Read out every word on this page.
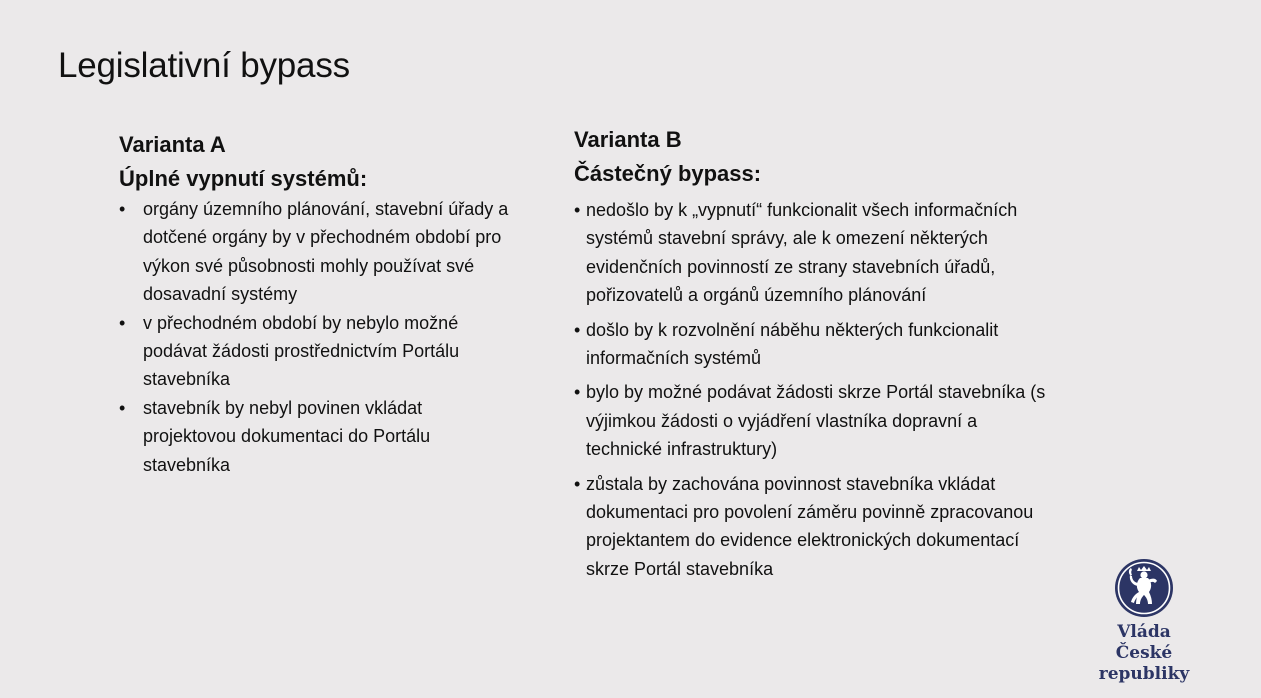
Legislativní bypass
Varianta A
Úplné vypnutí systémů:
• orgány územního plánování, stavební úřady a dotčené orgány by v přechodném období pro výkon své působnosti mohly používat své dosavadní systémy
• v přechodném období by nebylo možné podávat žádosti prostřednictvím Portálu stavebníka
• stavebník by nebyl povinen vkládat projektovou dokumentaci do Portálu stavebníka
Varianta B
Částečný bypass:
• nedošlo by k „vypnutí“ funkcionalit všech informačních systémů stavební správy, ale k omezení některých evidenčních povinností ze strany stavebních úřadů, pořizovatelů a orgánů územního plánování
• došlo by k rozvolnění náběhu některých funkcionalit informačních systémů
• bylo by možné podávat žádosti skrze Portál stavebníka (s výjimkou žádosti o vyjádření vlastníka dopravní a technické infrastruktury)
• zůstala by zachována povinnost stavebníka vkládat dokumentaci pro povolení záměru povinně zpracovanou projektantem do evidence elektronických dokumentací skrze Portál stavebníka
Vláda
České republiky
